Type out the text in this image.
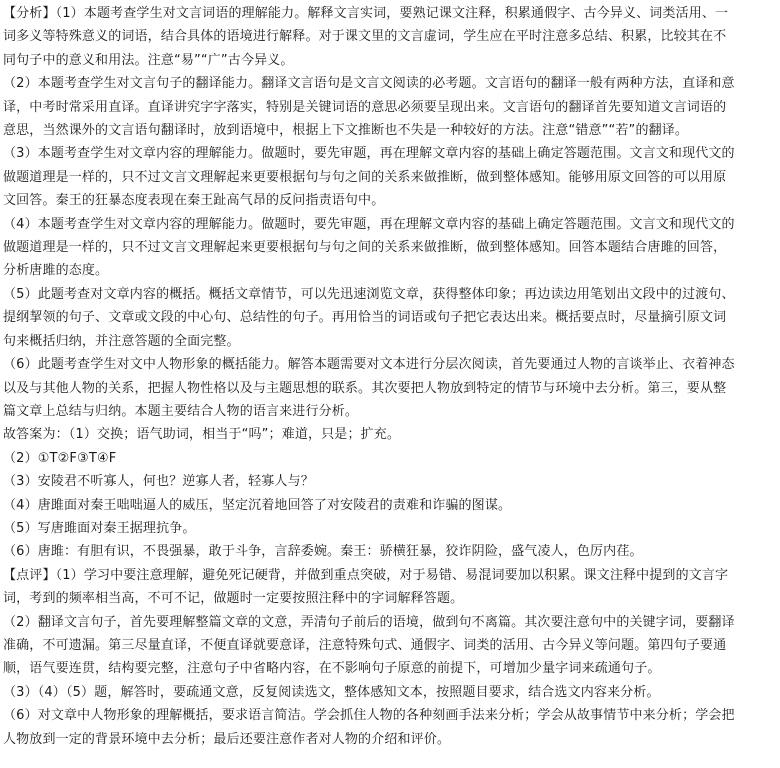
【分析】（1）本题考查学生对文言词语的理解能力。解释文言实词，要熟记课文注释，积累通假字、古今异义、词类活用、一

词多义等特殊意义的词语，结合具体的语境进行解释。对于课文里的文言虚词，学生应在平时注意多总结、积累，比较其在不

同句子中的意义和用法。注意“易”“广”古今异义。

（2）本题考查学生对文言句子的翻译能力。翻译文言语句是文言文阅读的必考题。文言语句的翻译一般有两种方法，直译和意

译，中考时常采用直译。直译讲究字字落实，特别是关键词语的意思必须要呈现出来。文言语句的翻译首先要知道文言词语的

意思，当然课外的文言语句翻译时，放到语境中，根据上下文推断也不失是一种较好的方法。注意“错意”“若”的翻译。

（3）本题考查学生对文章内容的理解能力。做题时，要先审题，再在理解文章内容的基础上确定答题范围。文言文和现代文的

做题道理是一样的，只不过文言文理解起来更要根据句与句之间的关系来做推断，做到整体感知。能够用原文回答的可以用原

文回答。秦王的狂暴态度表现在秦王趾高气昂的反问指责语句中。

（4）本题考查学生对文章内容的理解能力。做题时，要先审题，再在理解文章内容的基础上确定答题范围。文言文和现代文的

做题道理是一样的，只不过文言文理解起来更要根据句与句之间的关系来做推断，做到整体感知。回答本题结合唐雎的回答，

分析唐雎的态度。

（5）此题考查对文章内容的概括。概括文章情节，可以先迅速浏览文章，获得整体印象；再边读边用笔划出文段中的过渡句、

提纲挈领的句子、文章或文段的中心句、总结性的句子。再用恰当的词语或句子把它表达出来。概括要点时，尽量摘引原文词

句来概括归纳，并注意答题的全面完整。

（6）此题考查学生对文中人物形象的概括能力。解答本题需要对文本进行分层次阅读，首先要通过人物的言谈举止、衣着神态

以及与其他人物的关系，把握人物性格以及与主题思想的联系。其次要把人物放到特定的情节与环境中去分析。第三，要从整

篇文章上总结与归纳。本题主要结合人物的语言来进行分析。

故答案为：（1）交换；语气助词，相当于“吗”；难道，只是；扩充。

（2）①T②F③T④F

（3）安陵君不听寡人，何也？逆寡人者，轻寡人与？

（4）唐雎面对秦王咄咄逼人的威压，坚定沉着地回答了对安陵君的责难和诈骗的图谋。

（5）写唐雎面对秦王据理抗争。

（6）唐雎：有胆有识，不畏强暴，敢于斗争，言辞委婉。秦王：骄横狂暴，狡诈阴险，盛气凌人，色厉内荏。

【点评】（1）学习中要注意理解，避免死记硬背，并做到重点突破，对于易错、易混词要加以积累。课文注释中提到的文言字

词，考到的频率相当高，不可不记，做题时一定要按照注释中的字词解释答题。

（2）翻译文言句子，首先要理解整篇文章的文意，弄清句子前后的语境，做到句不离篇。其次要注意句中的关键字词，要翻译

准确，不可遗漏。第三尽量直译，不便直译就要意译，注意特殊句式、通假字、词类的活用、古今异义等问题。第四句子要通

顺，语气要连贯，结构要完整，注意句子中省略内容，在不影响句子原意的前提下，可增加少量字词来疏通句子。

（3）（4）（5）题，解答时，要疏通文意，反复阅读选文，整体感知文本，按照题目要求，结合选文内容来分析。

（6）对文章中人物形象的理解概括，要求语言简洁。学会抓住人物的各种刻画手法来分析；学会从故事情节中来分析；学会把

人物放到一定的背景环境中去分析；最后还要注意作者对人物的介绍和评价。
